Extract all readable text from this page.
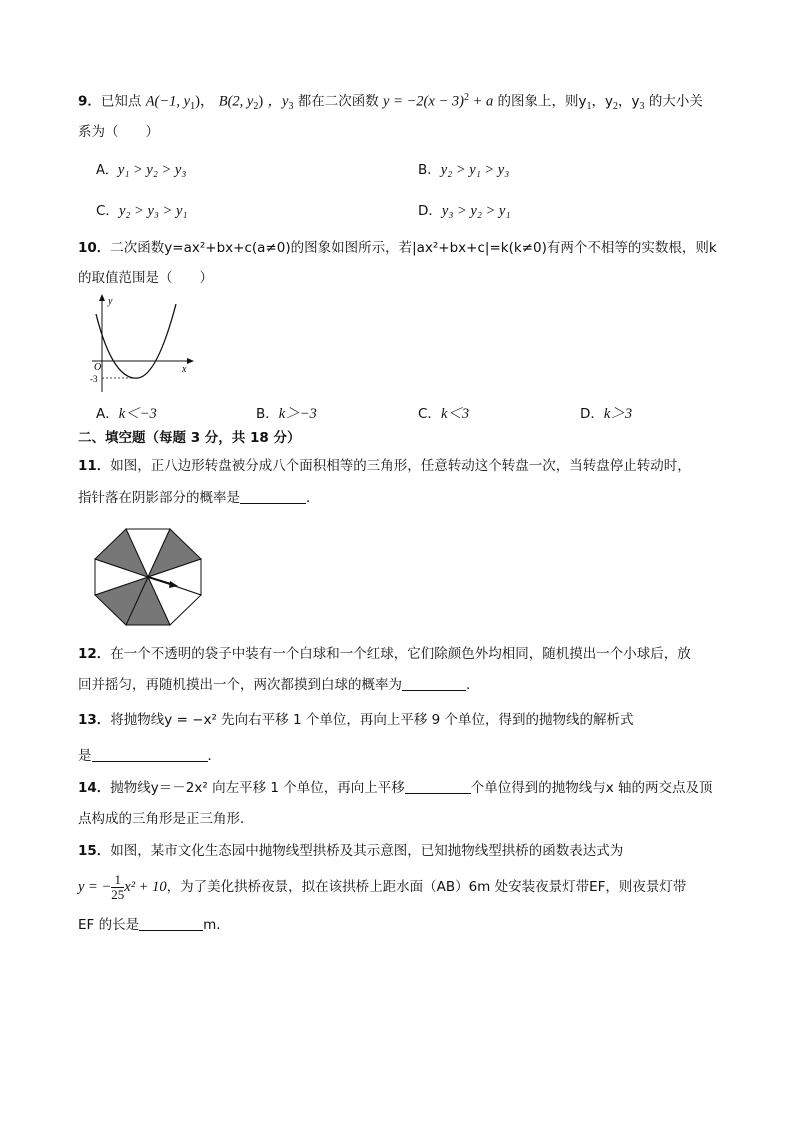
9．已知点 A(−1, $y_1$)， B(2, $y_2$) ，$y_3$ 都在二次函数 $y = -2(x - 3)^2 + a$ 的图象上，则$y_1$，$y_2$，$y_3$ 的大小关
系为（　　）
A．y₁ > y₂ > y₃	B．y₂ > y₁ > y₃
C．y₂ > y₃ > y₁	D．y₃ > y₂ > y₁
10．二次函数y=ax²+bx+c(a≠0)的图象如图所示，若|ax²+bx+c|=k(k≠0)有两个不相等的实数根，则k
的取值范围是（　　）
y
x
O
-3
A．k＜−3	B．k＞−3	C．k＜3	D．k＞3
二、填空题（每题 3 分，共 18 分）
11．如图，正八边形转盘被分成八个面积相等的三角形，任意转动这个转盘一次，当转盘停止转动时，
指针落在阴影部分的概率是	．
12．在一个不透明的袋子中装有一个白球和一个红球，它们除颜色外均相同，随机摸出一个小球后，放
回并摇匀，再随机摸出一个，两次都摸到白球的概率为	.
13．将抛物线y = −x² 先向右平移 1 个单位，再向上平移 9 个单位，得到的抛物线的解析式
是	．
14．抛物线y＝－2x² 向左平移 1 个单位，再向上平移	个单位得到的抛物线与x 轴的两交点及顶
点构成的三角形是正三角形．
15．如图，某市文化生态园中抛物线型拱桥及其示意图，已知抛物线型拱桥的函数表达式为
y = − $\frac{1}{25} x^2 + 10$，为了美化拱桥夜景，拟在该拱桥上距水面（AB）6m 处安装夜景灯带EF，则夜景灯带
EF 的长是	m．
